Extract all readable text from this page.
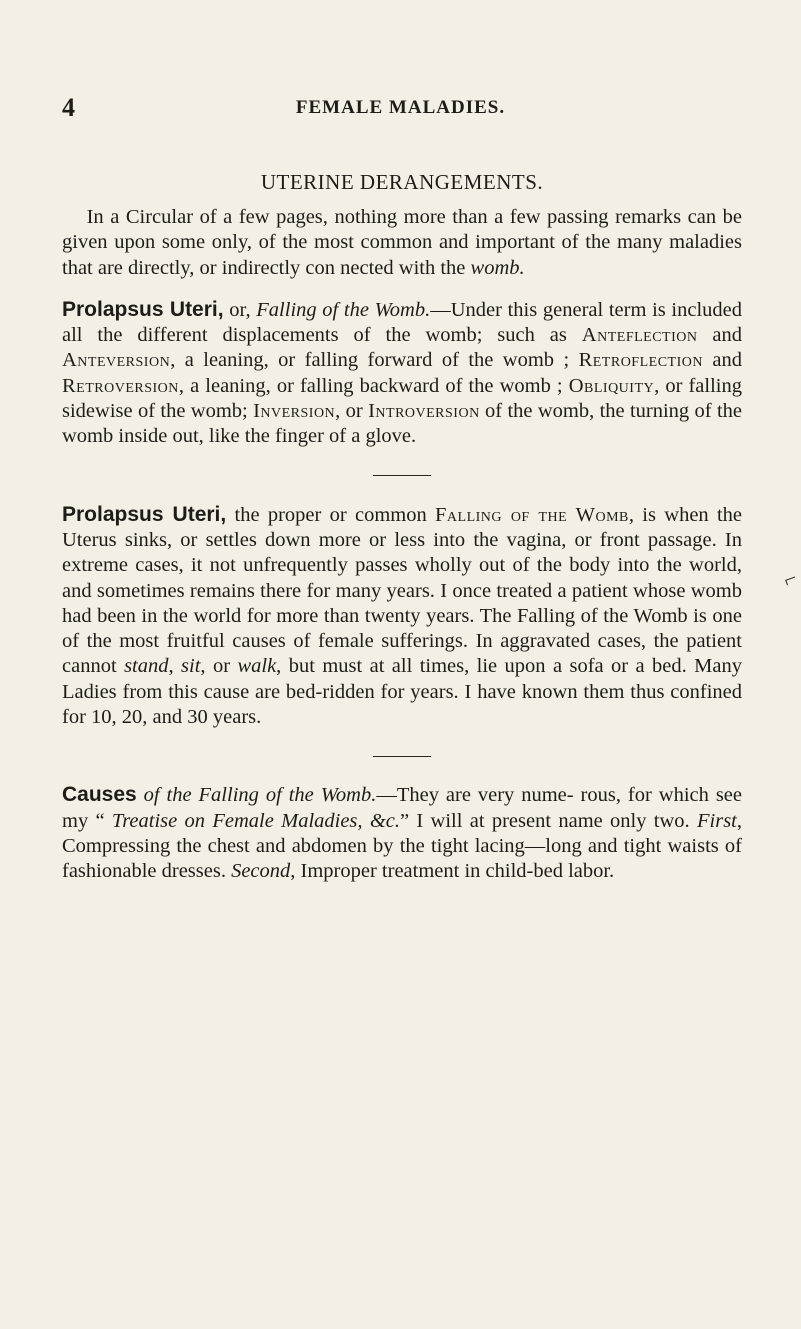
4	FEMALE MALADIES.
UTERINE DERANGEMENTS.

In a Circular of a few pages, nothing more than a few passing remarks can be given upon some only, of the most common and important of the many maladies that are directly, or indirectly con nected with the womb.

Prolapsus Uteri, or, Falling of the Womb.—Under this general term is included all the different displacements of the womb; such as Anteflection and Anteversion, a leaning, or falling forward of the womb ; Retroflection and Retroversion, a leaning, or falling backward of the womb ; Obliquity, or falling sidewise of the womb; Inversion, or Introversion of the womb, the turning of the womb inside out, like the finger of a glove.

Prolapsus Uteri, the proper or common Falling of the Womb, is when the Uterus sinks, or settles down more or less into the vagina, or front passage. In extreme cases, it not unfrequently passes wholly out of the body into the world, and sometimes remains there for many years. I once treated a patient whose womb had been in the world for more than twenty years. The Falling of the Womb is one of the most fruitful causes of female sufferings. In aggravated cases, the patient cannot stand, sit, or walk, but must at all times, lie upon a sofa or a bed. Many Ladies from this cause are bed-ridden for years. I have known them thus confined for 10, 20, and 30 years.

Causes of the Falling of the Womb.—They are very nume- rous, for which see my “ Treatise on Female Maladies, &c.” I will at present name only two. First, Compressing the chest and abdomen by the tight lacing—long and tight waists of fashionable dresses. Second, Improper treatment in child-bed labor.

⌐
